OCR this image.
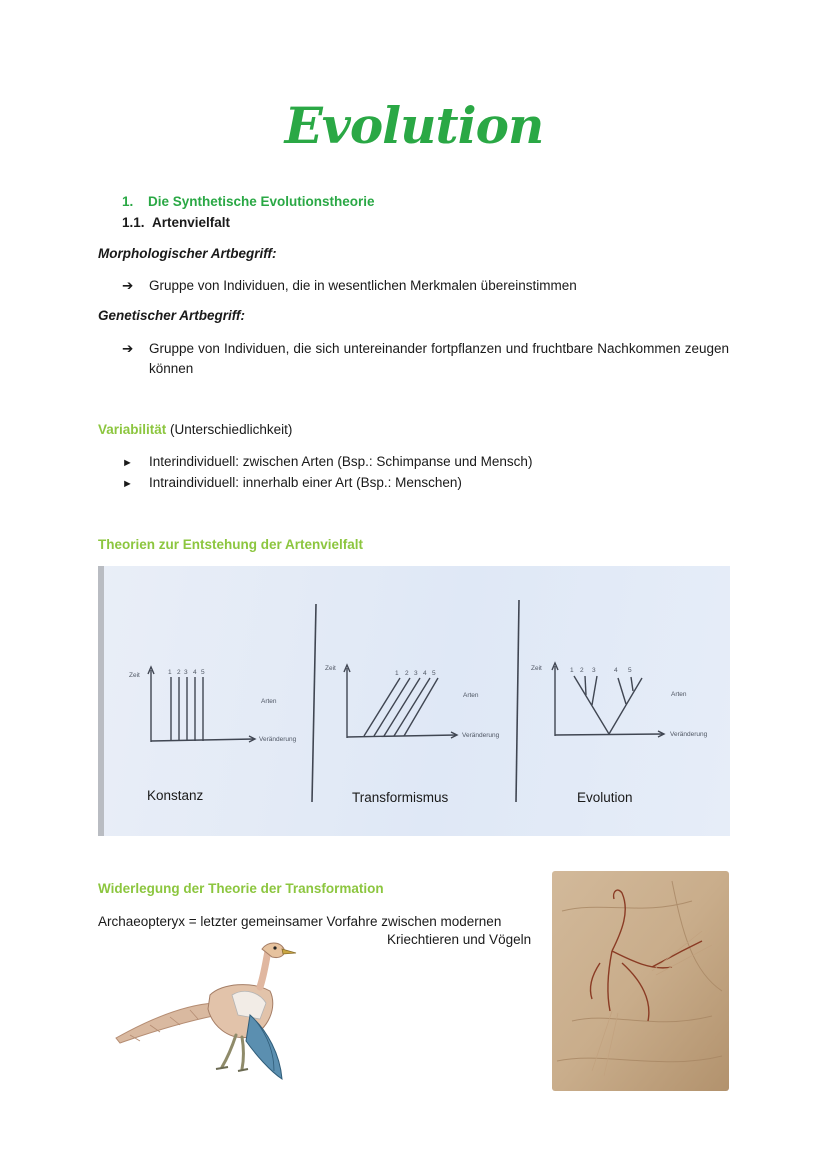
Evolution
1. Die Synthetische Evolutionstheorie
1.1. Artenvielfalt
Morphologischer Artbegriff:
➔ Gruppe von Individuen, die in wesentlichen Merkmalen übereinstimmen
Genetischer Artbegriff:
➔ Gruppe von Individuen, die sich untereinander fortpflanzen und fruchtbare Nachkommen zeugen können
Variabilität (Unterschiedlichkeit)
► Interindividuell: zwischen Arten (Bsp.: Schimpanse und Mensch)
► Intraindividuell: innerhalb einer Art (Bsp.: Menschen)
Theorien zur Entstehung der Artenvielfalt
Zeit
Veränderung
Arten
1 2 3 4 5
Zeit
Veränderung
Arten
1 2 3 4 5
Zeit
Veränderung
Arten
1 2 3	4 5
Konstanz	Transformismus	Evolution
Widerlegung der Theorie der Transformation
Archaeopteryx = letzter gemeinsamer Vorfahre zwischen modernen
Kriechtieren und Vögeln
